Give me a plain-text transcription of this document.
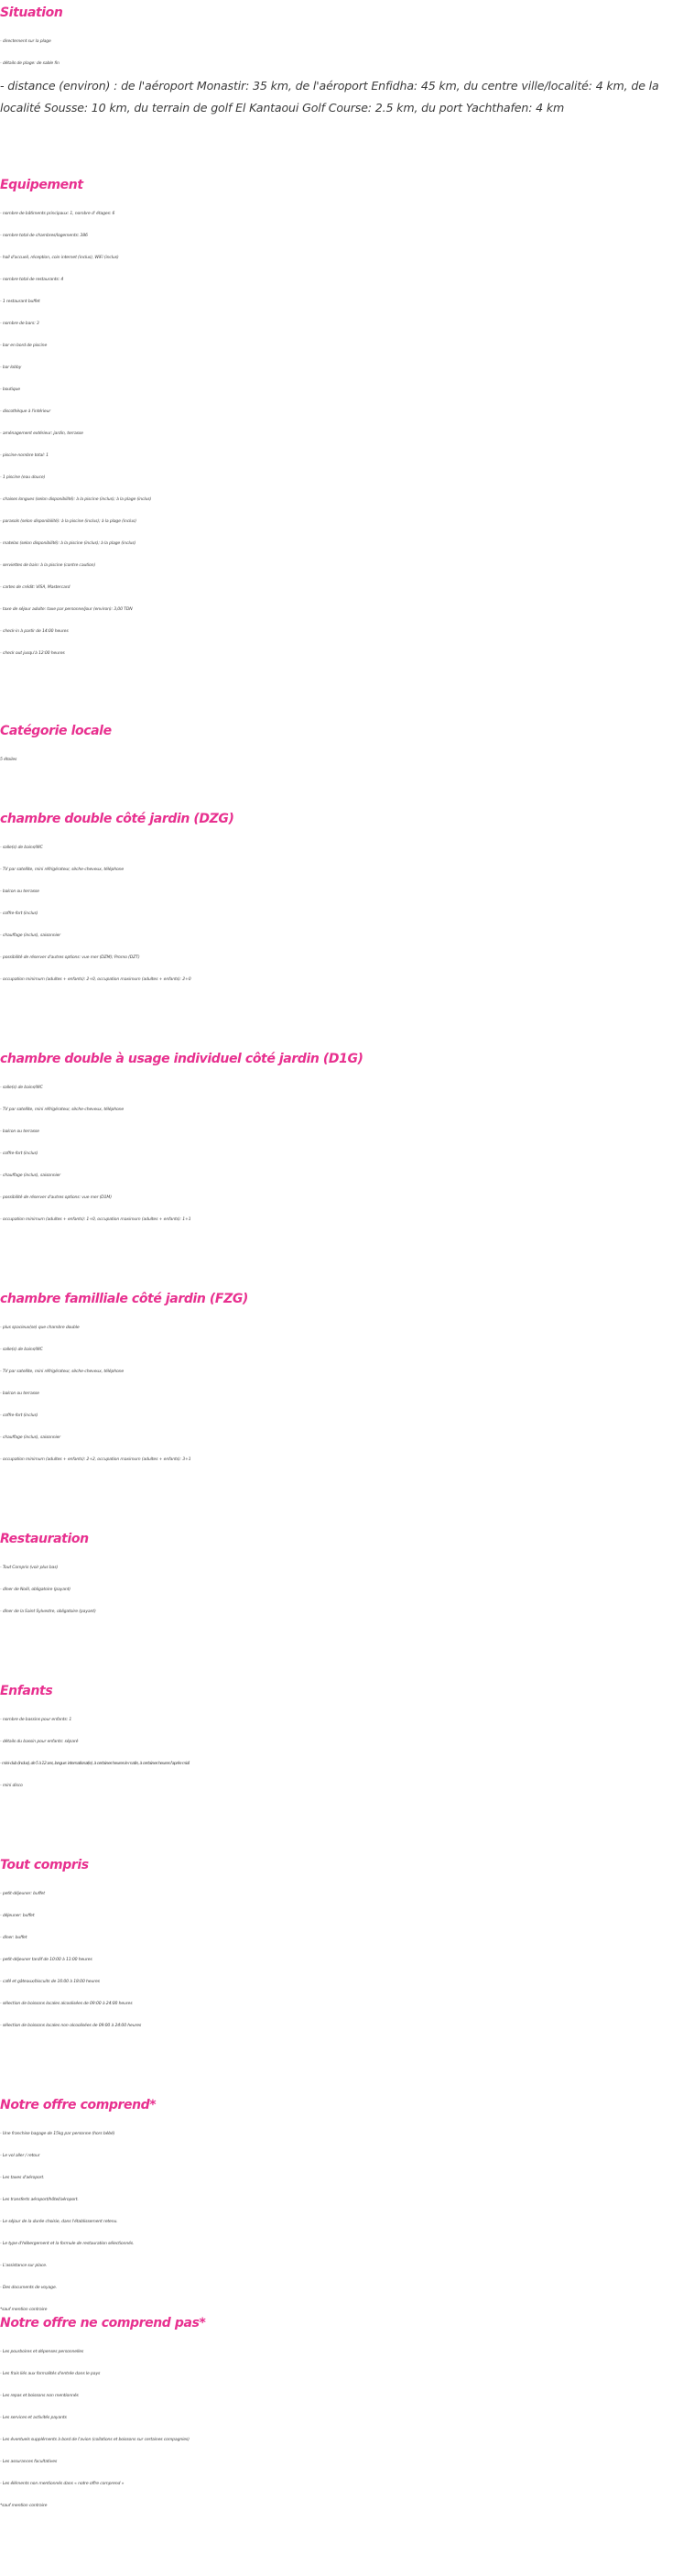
Situation
- directement sur la plage
- détails de plage: de sable fin
- distance (environ) : de l'aéroport Monastir: 35 km, de l'aéroport Enfidha: 45 km, du centre ville/localité: 4 km, de la localité Sousse: 10 km, du terrain de golf El Kantaoui Golf Course: 2.5 km, du port Yachthafen: 4 km
Equipement
- nombre de bâtiments principaux: 1, nombre d' étages: 6
- nombre total de chambres/logements: 386
- hall d'accueil, réception, coin internet (inclus), WiFi (inclus)
- nombre total de restaurants: 4
- 1 restaurant buffet
- nombre de bars: 3
- bar en bord de piscine
- bar lobby
- boutique
- discothèque à l'intérieur
- aménagement extérieur: jardin, terrasse
- piscine-nombre total: 1
- 1 piscine (eau douce)
- chaises longues (selon disponibilité): à la piscine (inclus); à la plage (inclus)
- parasols (selon disponibilité): à la piscine (inclus); à la plage (inclus)
- matelas (selon disponibilité): à la piscine (inclus); à la plage (inclus)
- serviettes de bain: à la piscine (contre caution)
- cartes de crédit: VISA, Mastercard
- taxe de séjour adulte: taxe par personne/jour (environ): 3,00 TDN
- check-in à partir de 14:00 heures
- check out jusqu'à 12:00 heures
Catégorie locale
5 étoiles
chambre double côté jardin (DZG)
- salle(s) de bains/WC
- TV par satellite, mini réfrigérateur, sèche-cheveux, téléphone
- balcon ou terrasse
- coffre-fort (inclus)
- chauffage (inclus), saisonnier
- possibilité de réserver d'autres options: vue mer (DZM); Promo (DZT)
- occupation minimum (adultes + enfants): 2+0, occupation maximum (adultes + enfants): 2+0
chambre double à usage individuel côté jardin (D1G)
- salle(s) de bains/WC
- TV par satellite, mini réfrigérateur, sèche-cheveux, téléphone
- balcon ou terrasse
- coffre-fort (inclus)
- chauffage (inclus), saisonnier
- possibilité de réserver d'autres options: vue mer (D1M)
- occupation minimum (adultes + enfants): 1+0, occupation maximum (adultes + enfants): 1+1
chambre familliale côté jardin (FZG)
- plus spacieux(se) que chambre double
- salle(s) de bains/WC
- TV par satellite, mini réfrigérateur, sèche-cheveux, téléphone
- balcon ou terrasse
- coffre-fort (inclus)
- chauffage (inclus), saisonnier
- occupation minimum (adultes + enfants): 2+2, occupation maximum (adultes + enfants): 3+1
Restauration
- Tout Compris (voir plus bas)
- dîner de Noël, obligatoire (payant)
- dîner de la Saint Sylvestre, obligatoire (payant)
Enfants
- nombre de bassins pour enfants: 1
- détails du bassin pour enfants: séparé
- mini-club (inclus), de 5 à 12 ans, langue: international(e), à certaines heures le matin, à certaines heures l'après-midi
- mini disco
Tout compris
- petit-déjeuner: buffet
- déjeuner: buffet
- dîner: buffet
- petit-déjeuner tardif de 10:00 à 11:00 heures
- café et gâteaux/biscuits de 16:00 à 18:00 heures
- sélection de boissons locales alcoolisées de 09:00 à 24:00 heures
- sélection de boissons locales non-alcoolisées de 09:00 à 24:00 heures
Notre offre comprend*
- Une franchise bagage de 15kg par personne (hors bébé)
- Le vol aller / retour
- Les taxes d'aéroport.
- Les transferts aéroport/hôtel/aéroport.
- Le séjour de la durée choisie, dans l'établissement retenu.
- Le type d'hébergement et la formule de restauration sélectionnés.
- L'assistance sur place.
- Des documents de voyage.
*sauf mention contraire
Notre offre ne comprend pas*
- Les pourboires et dépenses personnelles
- Les frais liés aux formalités d'entrée dans le pays
- Les repas et boissons non mentionnés
- Les services et activités payants
- Les éventuels suppléments à bord de l'avion (collations et boissons sur certaines compagnies)
- Les assurances facultatives
- Les éléments non mentionnés dans « notre offre comprend »
*sauf mention contraire
